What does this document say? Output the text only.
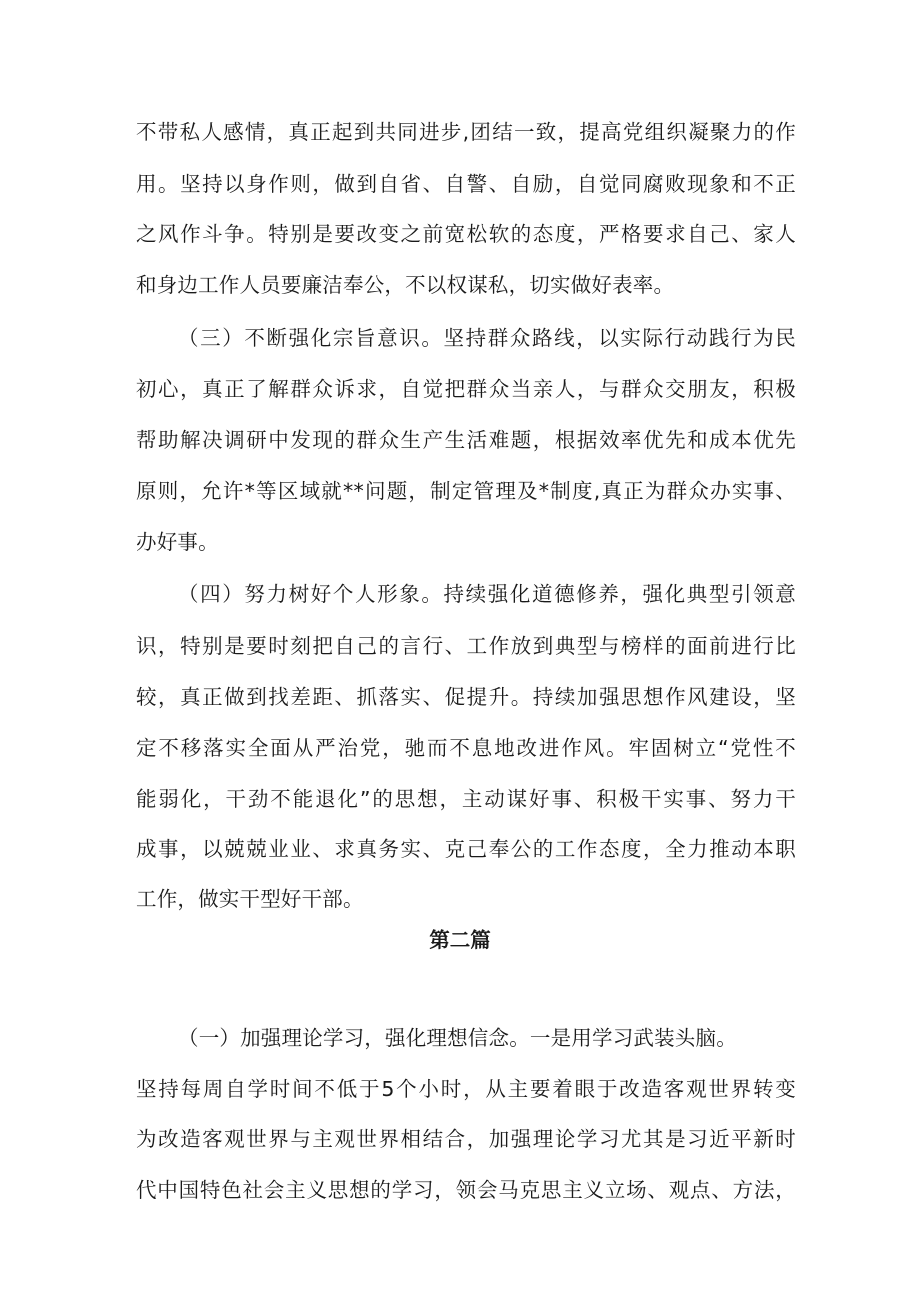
不带私人感情，真正起到共同进步,团结一致，提高党组织凝聚力的作
用。坚持以身作则，做到自省、自警、自励，自觉同腐败现象和不正
之风作斗争。特别是要改变之前宽松软的态度，严格要求自己、家人
和身边工作人员要廉洁奉公，不以权谋私，切实做好表率。
（三）不断强化宗旨意识。坚持群众路线，以实际行动践行为民
初心，真正了解群众诉求，自觉把群众当亲人，与群众交朋友，积极
帮助解决调研中发现的群众生产生活难题，根据效率优先和成本优先
原则，允许*等区域就**问题，制定管理及*制度,真正为群众办实事、
办好事。
（四）努力树好个人形象。持续强化道德修养，强化典型引领意
识，特别是要时刻把自己的言行、工作放到典型与榜样的面前进行比
较，真正做到找差距、抓落实、促提升。持续加强思想作风建设，坚
定不移落实全面从严治党，驰而不息地改进作风。牢固树立“党性不
能弱化，干劲不能退化”的思想，主动谋好事、积极干实事、努力干
成事，以兢兢业业、求真务实、克己奉公的工作态度，全力推动本职
工作，做实干型好干部。
第二篇
（一）加强理论学习，强化理想信念。一是用学习武装头脑。
坚持每周自学时间不低于5个小时，从主要着眼于改造客观世界转变
为改造客观世界与主观世界相结合，加强理论学习尤其是习近平新时
代中国特色社会主义思想的学习，领会马克思主义立场、观点、方法，
